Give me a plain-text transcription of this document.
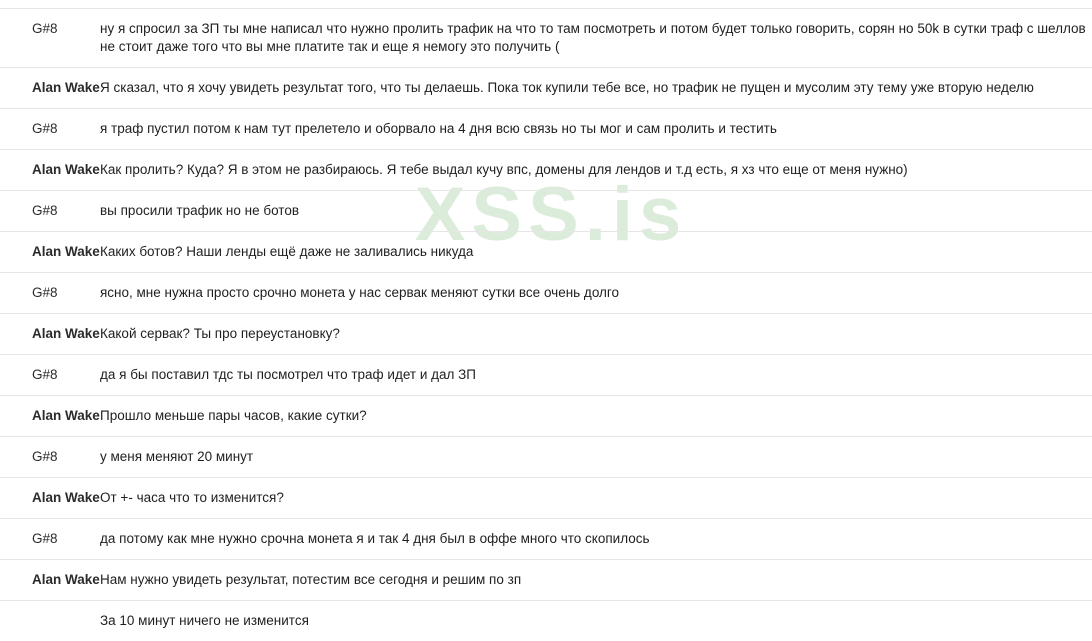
XSS.is
G#8	ну я спросил за ЗП ты мне написал что нужно пролить трафик на что то там посмотреть и потом будет только говорить, сорян но 50k в сутки траф с шеллов не стоит даже того что вы мне платите так и еще я немогу это получить (
Alan Wake Я сказал, что я хочу увидеть результат того, что ты делаешь. Пока ток купили тебе все, но трафик не пущен и мусолим эту тему уже вторую неделю
G#8	я траф пустил потом к нам тут прелетело и оборвало на 4 дня всю связь но ты мог и сам пролить и тестить
Alan Wake Как пролить? Куда? Я в этом не разбираюсь. Я тебе выдал кучу впс, домены для лендов и т.д есть, я хз что еще от меня нужно)
G#8	вы просили трафик но не ботов
Alan Wake Каких ботов? Наши ленды ещё даже не заливались никуда
G#8	ясно, мне нужна просто срочно монета у нас сервак меняют сутки все очень долго
Alan Wake Какой сервак? Ты про переустановку?
G#8	да я бы поставил тдс ты посмотрел что траф идет и дал ЗП
Alan Wake Прошло меньше пары часов, какие сутки?
G#8	у меня меняют 20 минут
Alan Wake От +- часа что то изменится?
G#8	да потому как мне нужно срочна монета я и так 4 дня был в оффе много что скопилось
Alan Wake Нам нужно увидеть результат, потестим все сегодня и решим по зп
За 10 минут ничего не изменится
